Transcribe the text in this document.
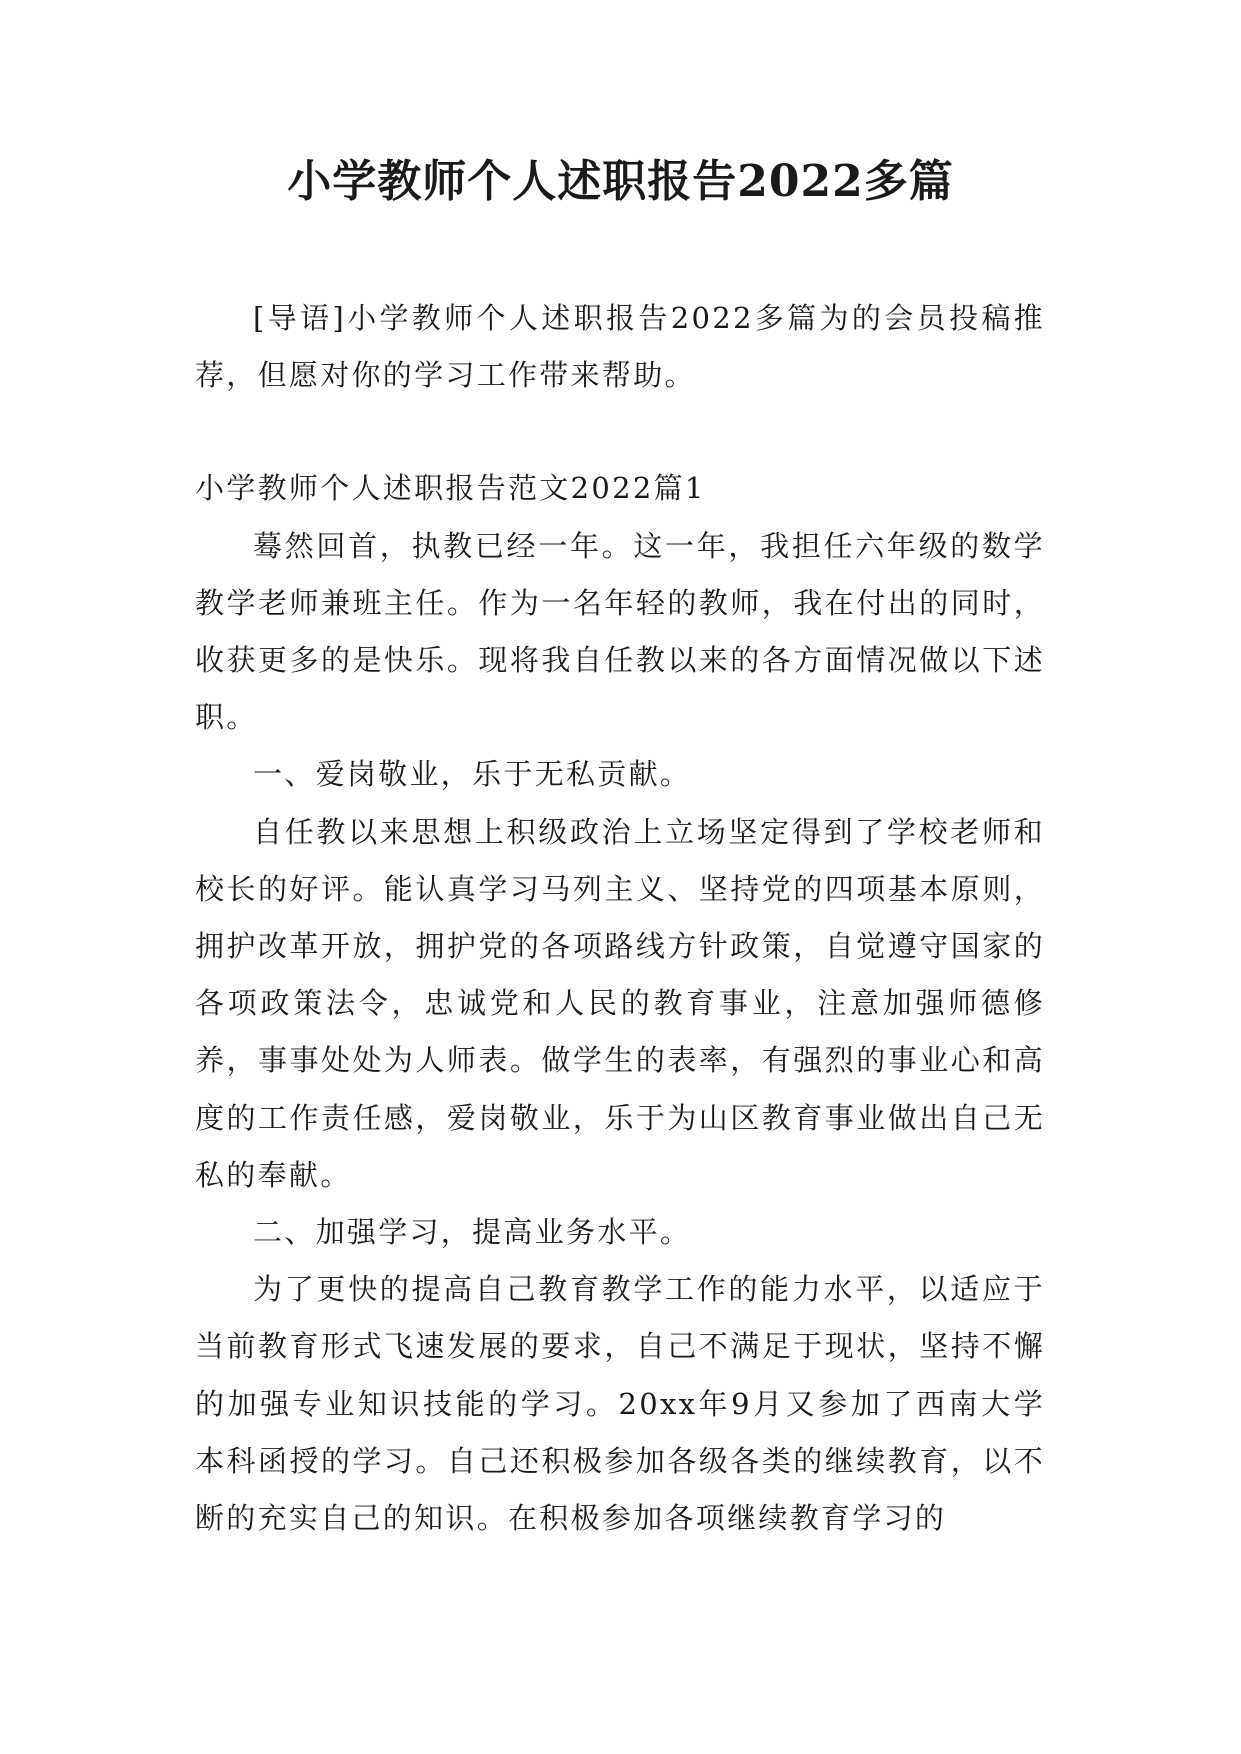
小学教师个人述职报告2022多篇

[导语]小学教师个人述职报告2022多篇为的会员投稿推荐，但愿对你的学习工作带来帮助。

小学教师个人述职报告范文2022篇1

蓦然回首，执教已经一年。这一年，我担任六年级的数学教学老师兼班主任。作为一名年轻的教师，我在付出的同时，收获更多的是快乐。现将我自任教以来的各方面情况做以下述职。

一、爱岗敬业，乐于无私贡献。

自任教以来思想上积级政治上立场坚定得到了学校老师和校长的好评。能认真学习马列主义、坚持党的四项基本原则，拥护改革开放，拥护党的各项路线方针政策，自觉遵守国家的各项政策法令，忠诚党和人民的教育事业，注意加强师德修养，事事处处为人师表。做学生的表率，有强烈的事业心和高度的工作责任感，爱岗敬业，乐于为山区教育事业做出自己无私的奉献。

二、加强学习，提高业务水平。

为了更快的提高自己教育教学工作的能力水平，以适应于当前教育形式飞速发展的要求，自己不满足于现状，坚持不懈的加强专业知识技能的学习。20xx年9月又参加了西南大学本科函授的学习。自己还积极参加各级各类的继续教育，以不断的充实自己的知识。在积极参加各项继续教育学习的
